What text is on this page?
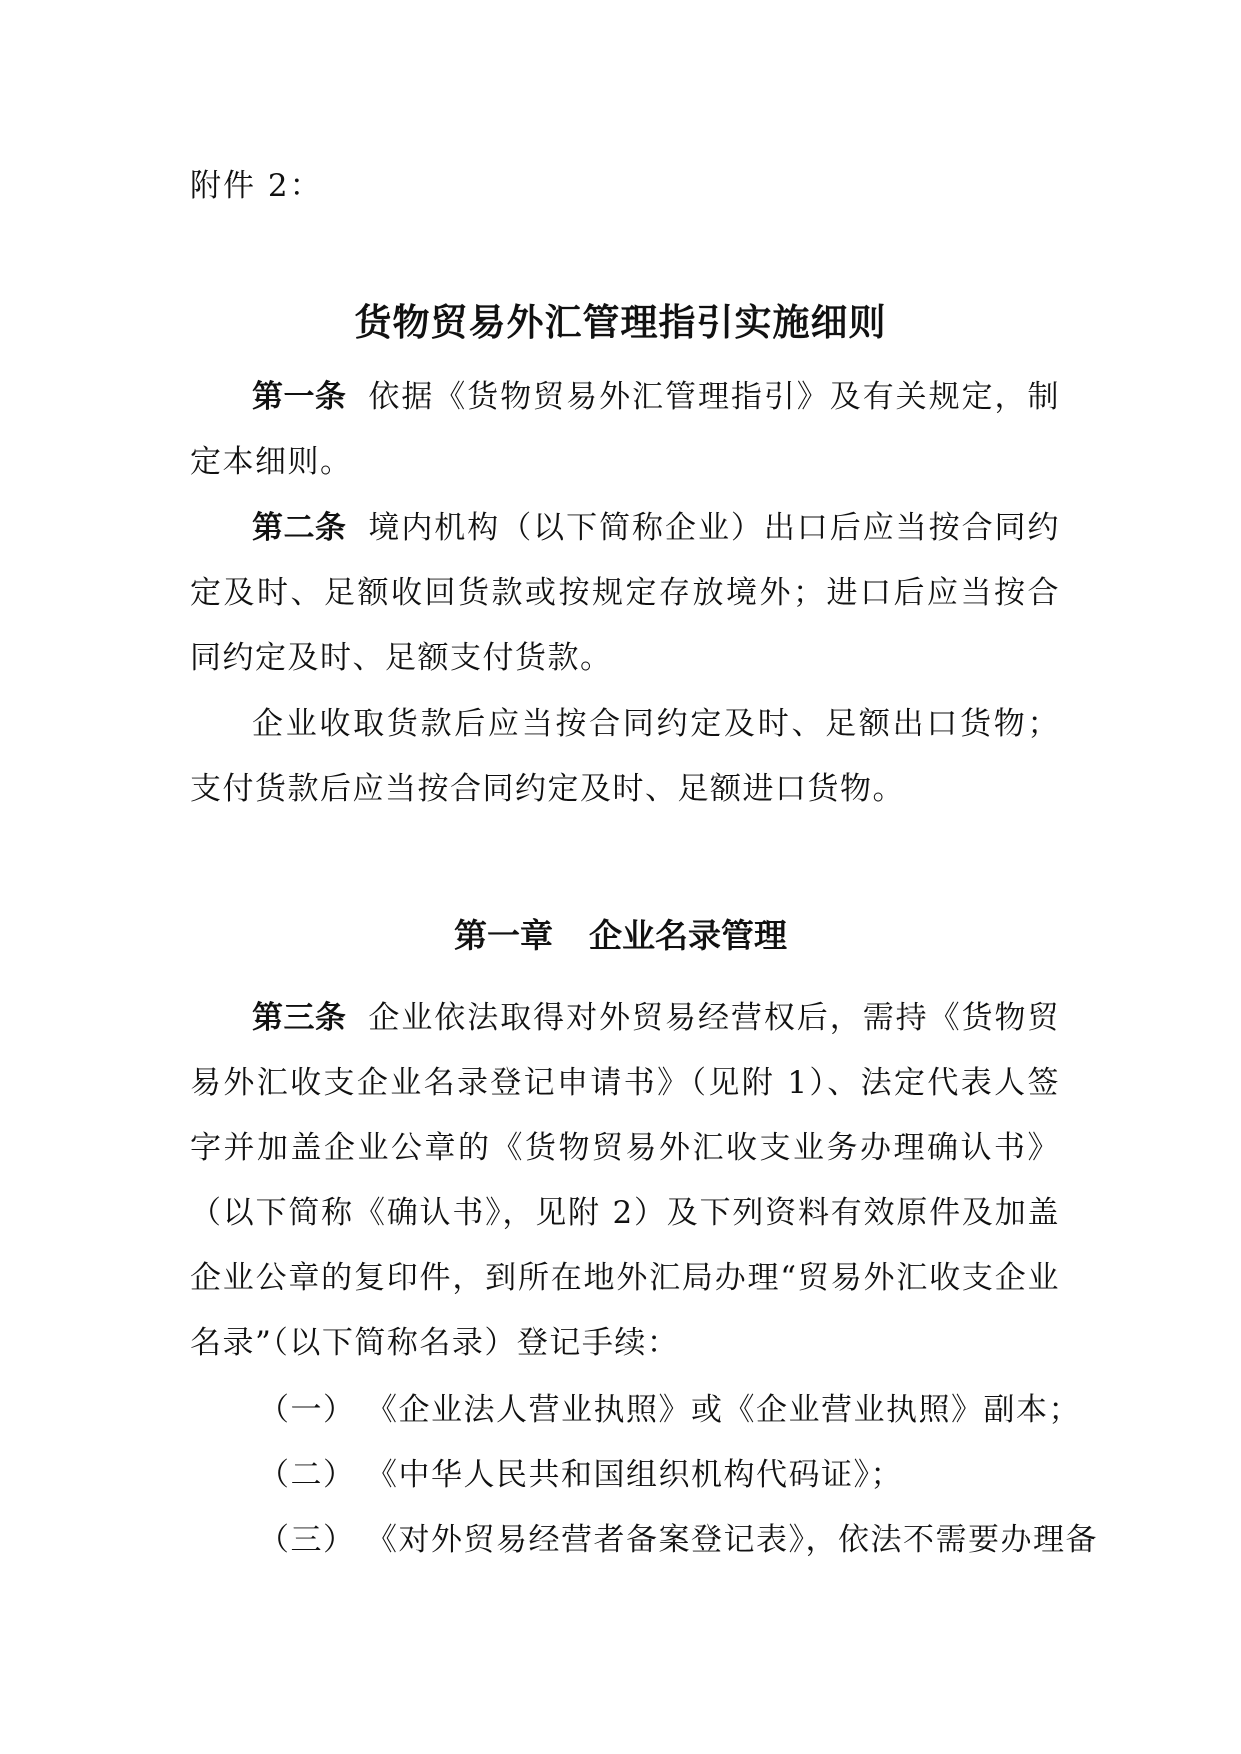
附件 2：
货物贸易外汇管理指引实施细则

第一条 依据《货物贸易外汇管理指引》及有关规定，制定本细则。

第二条 境内机构（以下简称企业）出口后应当按合同约定及时、足额收回货款或按规定存放境外；进口后应当按合同约定及时、足额支付货款。

企业收取货款后应当按合同约定及时、足额出口货物；支付货款后应当按合同约定及时、足额进口货物。

第一章 企业名录管理

第三条 企业依法取得对外贸易经营权后，需持《货物贸易外汇收支企业名录登记申请书》（见附 1）、法定代表人签字并加盖企业公章的《货物贸易外汇收支业务办理确认书》（以下简称《确认书》，见附 2）及下列资料有效原件及加盖企业公章的复印件，到所在地外汇局办理“贸易外汇收支企业名录”（以下简称名录）登记手续：

（一） 《企业法人营业执照》或《企业营业执照》副本；

（二） 《中华人民共和国组织机构代码证》；

（三） 《对外贸易经营者备案登记表》，依法不需要办理备
